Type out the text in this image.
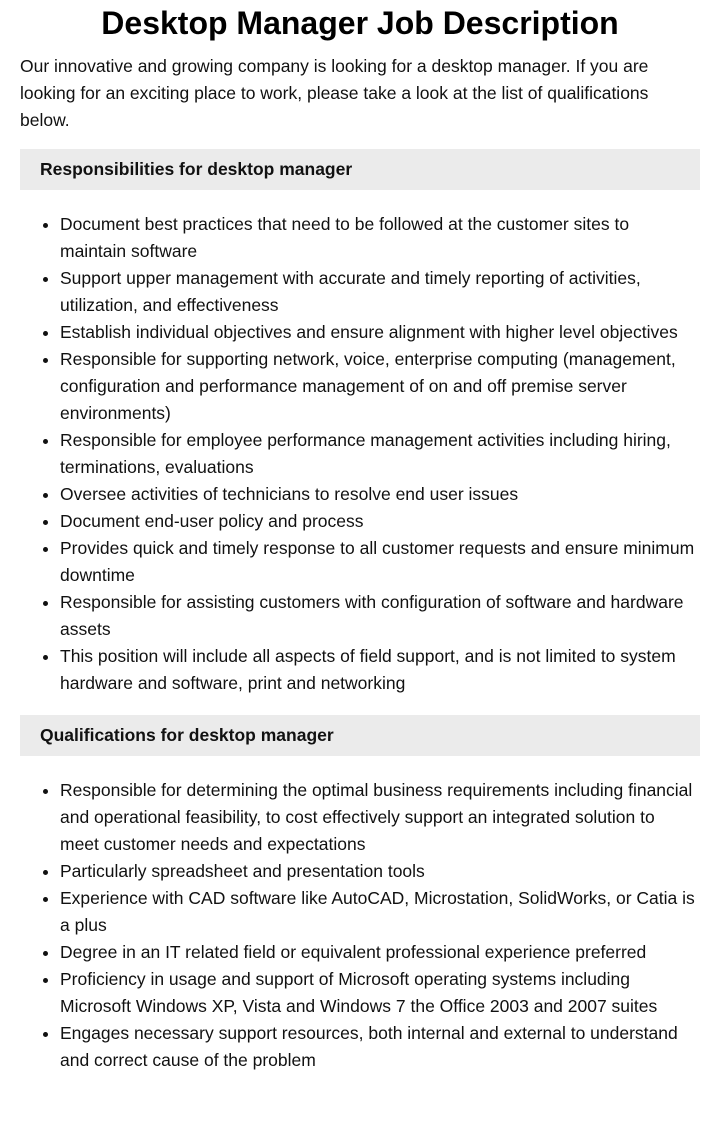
Desktop Manager Job Description

Our innovative and growing company is looking for a desktop manager. If you are looking for an exciting place to work, please take a look at the list of qualifications below.

Responsibilities for desktop manager
• Document best practices that need to be followed at the customer sites to maintain software
• Support upper management with accurate and timely reporting of activities, utilization, and effectiveness
• Establish individual objectives and ensure alignment with higher level objectives
• Responsible for supporting network, voice, enterprise computing (management, configuration and performance management of on and off premise server environments)
• Responsible for employee performance management activities including hiring, terminations, evaluations
• Oversee activities of technicians to resolve end user issues
• Document end-user policy and process
• Provides quick and timely response to all customer requests and ensure minimum downtime
• Responsible for assisting customers with configuration of software and hardware assets
• This position will include all aspects of field support, and is not limited to system hardware and software, print and networking
Qualifications for desktop manager
• Responsible for determining the optimal business requirements including financial and operational feasibility, to cost effectively support an integrated solution to meet customer needs and expectations
• Particularly spreadsheet and presentation tools
• Experience with CAD software like AutoCAD, Microstation, SolidWorks, or Catia is a plus
• Degree in an IT related field or equivalent professional experience preferred
• Proficiency in usage and support of Microsoft operating systems including Microsoft Windows XP, Vista and Windows 7 the Office 2003 and 2007 suites
• Engages necessary support resources, both internal and external to understand and correct cause of the problem
